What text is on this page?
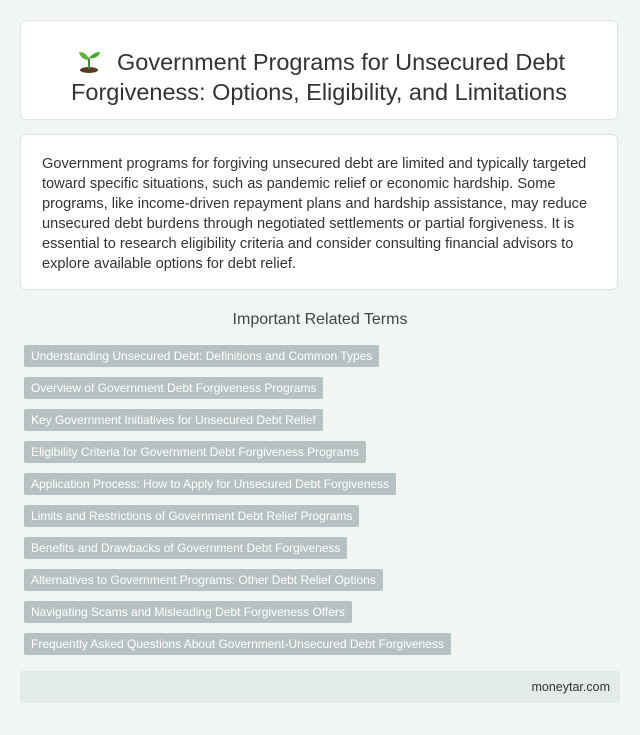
Government Programs for Unsecured Debt Forgiveness: Options, Eligibility, and Limitations

Government programs for forgiving unsecured debt are limited and typically targeted toward specific situations, such as pandemic relief or economic hardship. Some programs, like income-driven repayment plans and hardship assistance, may reduce unsecured debt burdens through negotiated settlements or partial forgiveness. It is essential to research eligibility criteria and consider consulting financial advisors to explore available options for debt relief.

Important Related Terms
Understanding Unsecured Debt: Definitions and Common Types
Overview of Government Debt Forgiveness Programs
Key Government Initiatives for Unsecured Debt Relief
Eligibility Criteria for Government Debt Forgiveness Programs
Application Process: How to Apply for Unsecured Debt Forgiveness
Limits and Restrictions of Government Debt Relief Programs
Benefits and Drawbacks of Government Debt Forgiveness
Alternatives to Government Programs: Other Debt Relief Options
Navigating Scams and Misleading Debt Forgiveness Offers
Frequently Asked Questions About Government-Unsecured Debt Forgiveness
moneytar.com
